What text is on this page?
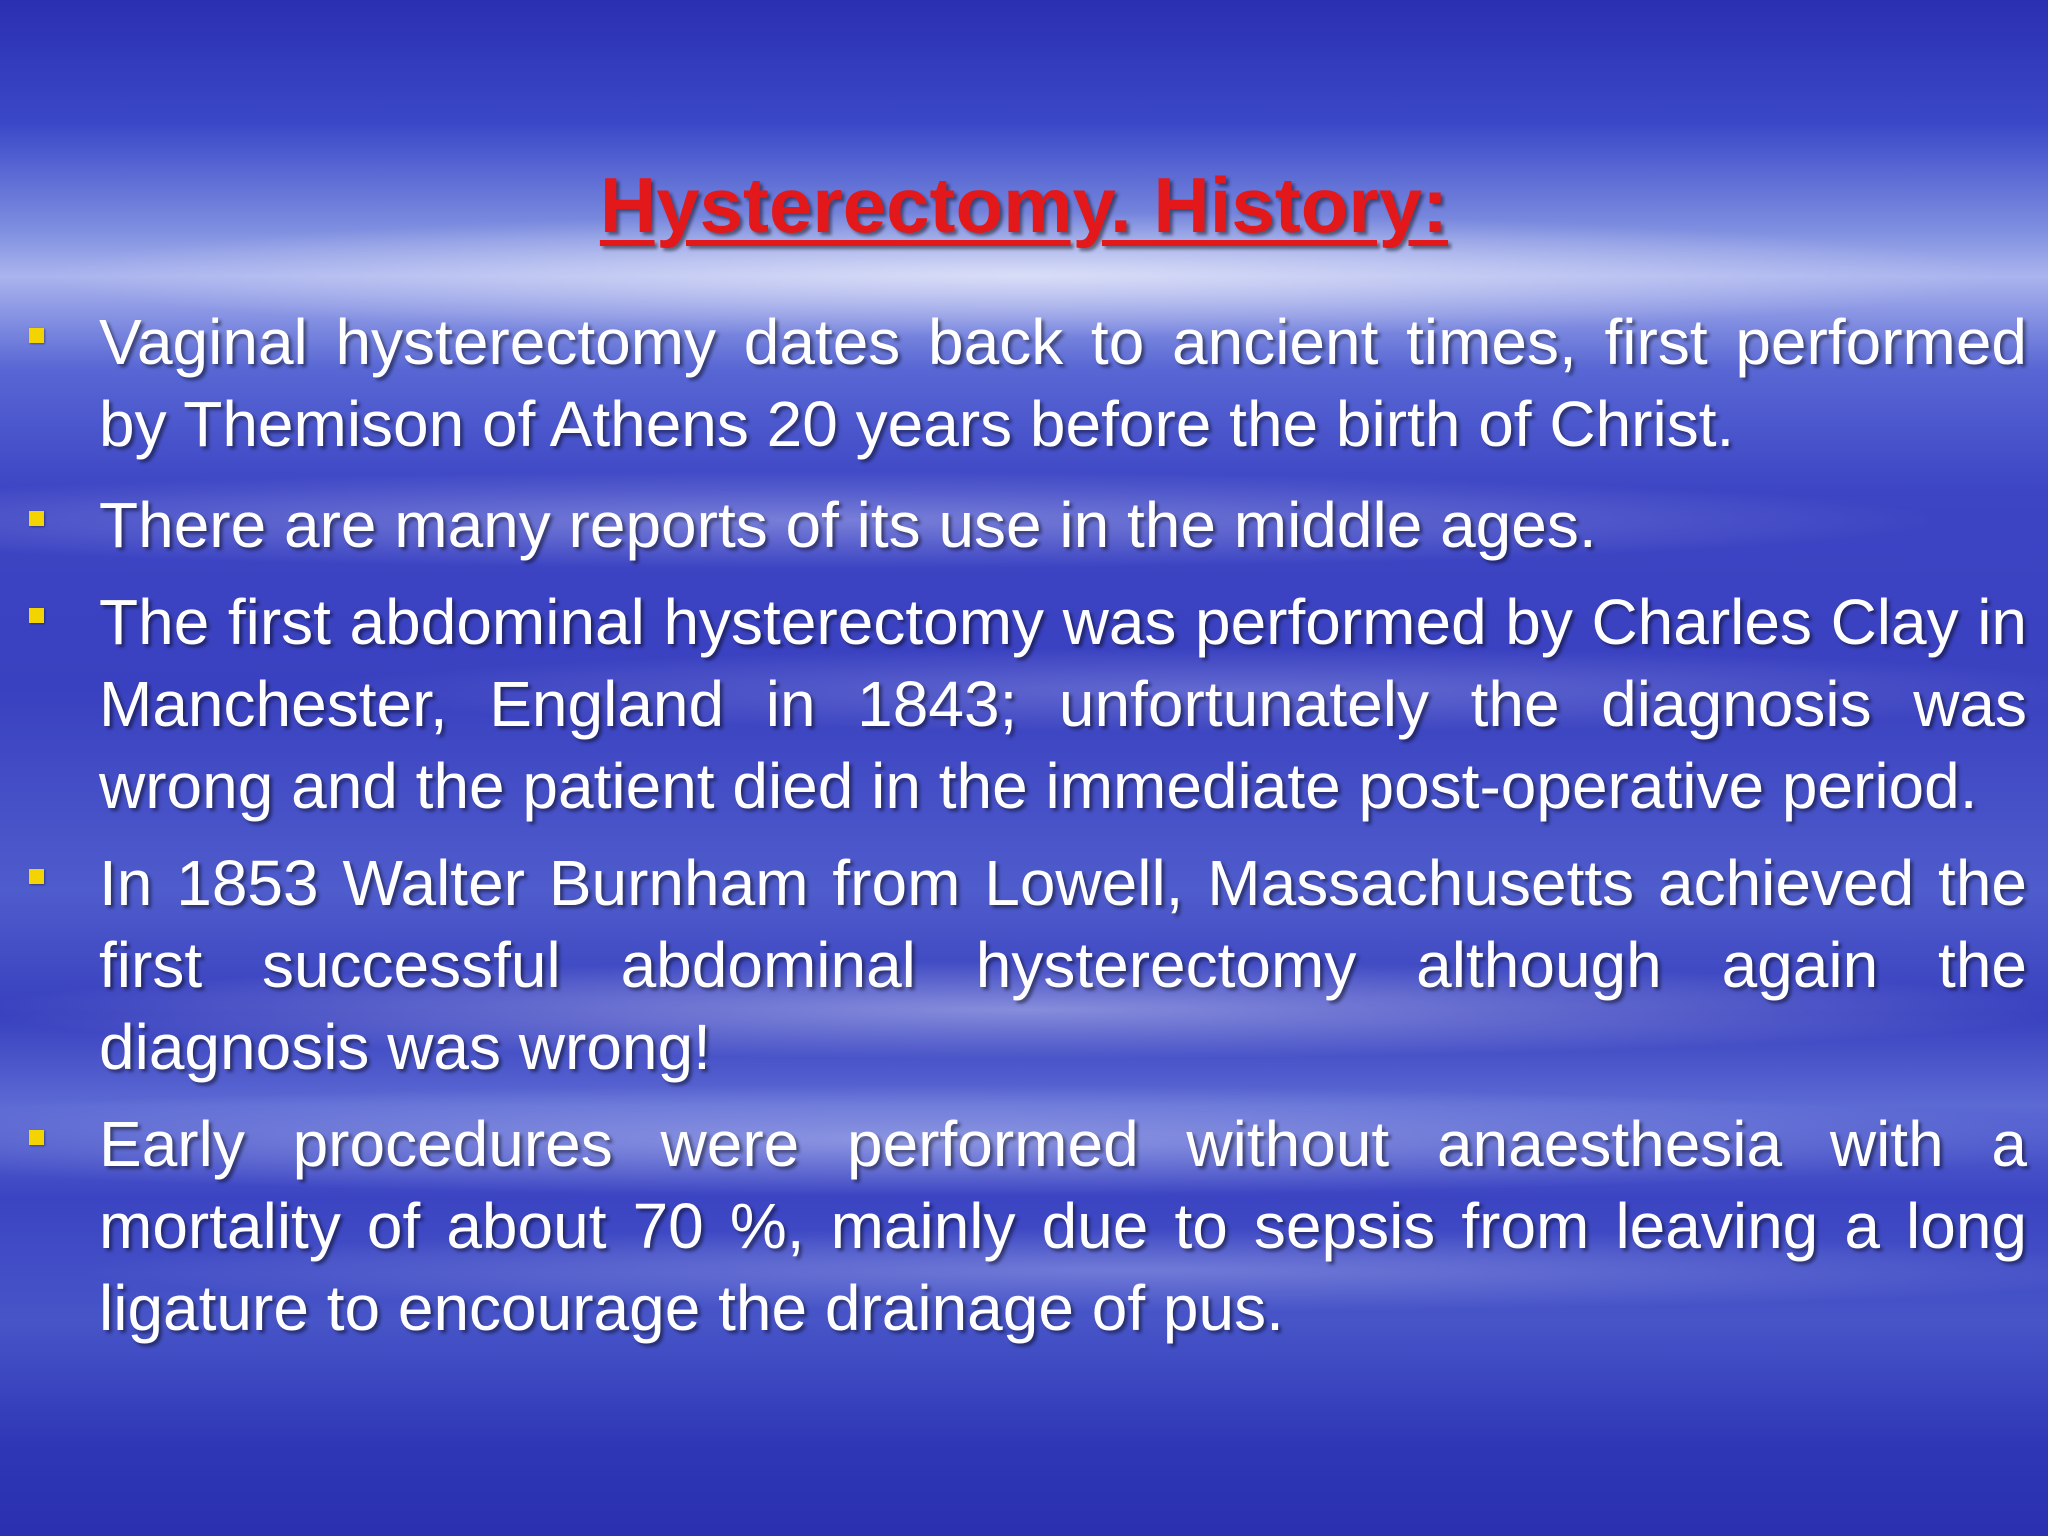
Hysterectomy. History:
Vaginal hysterectomy dates back to ancient times, first performed by Themison of Athens 20 years before the birth of Christ.
There are many reports of its use in the middle ages.
The first abdominal hysterectomy was performed by Charles Clay in Manchester, England in 1843; unfortunately the diagnosis was wrong and the patient died in the immediate post-operative period.
In 1853 Walter Burnham from Lowell, Massachusetts achieved the first successful abdominal hysterectomy although again the diagnosis was wrong!
Early procedures were performed without anaesthesia with a mortality of about 70 %, mainly due to sepsis from leaving a long ligature to encourage the drainage of pus.
